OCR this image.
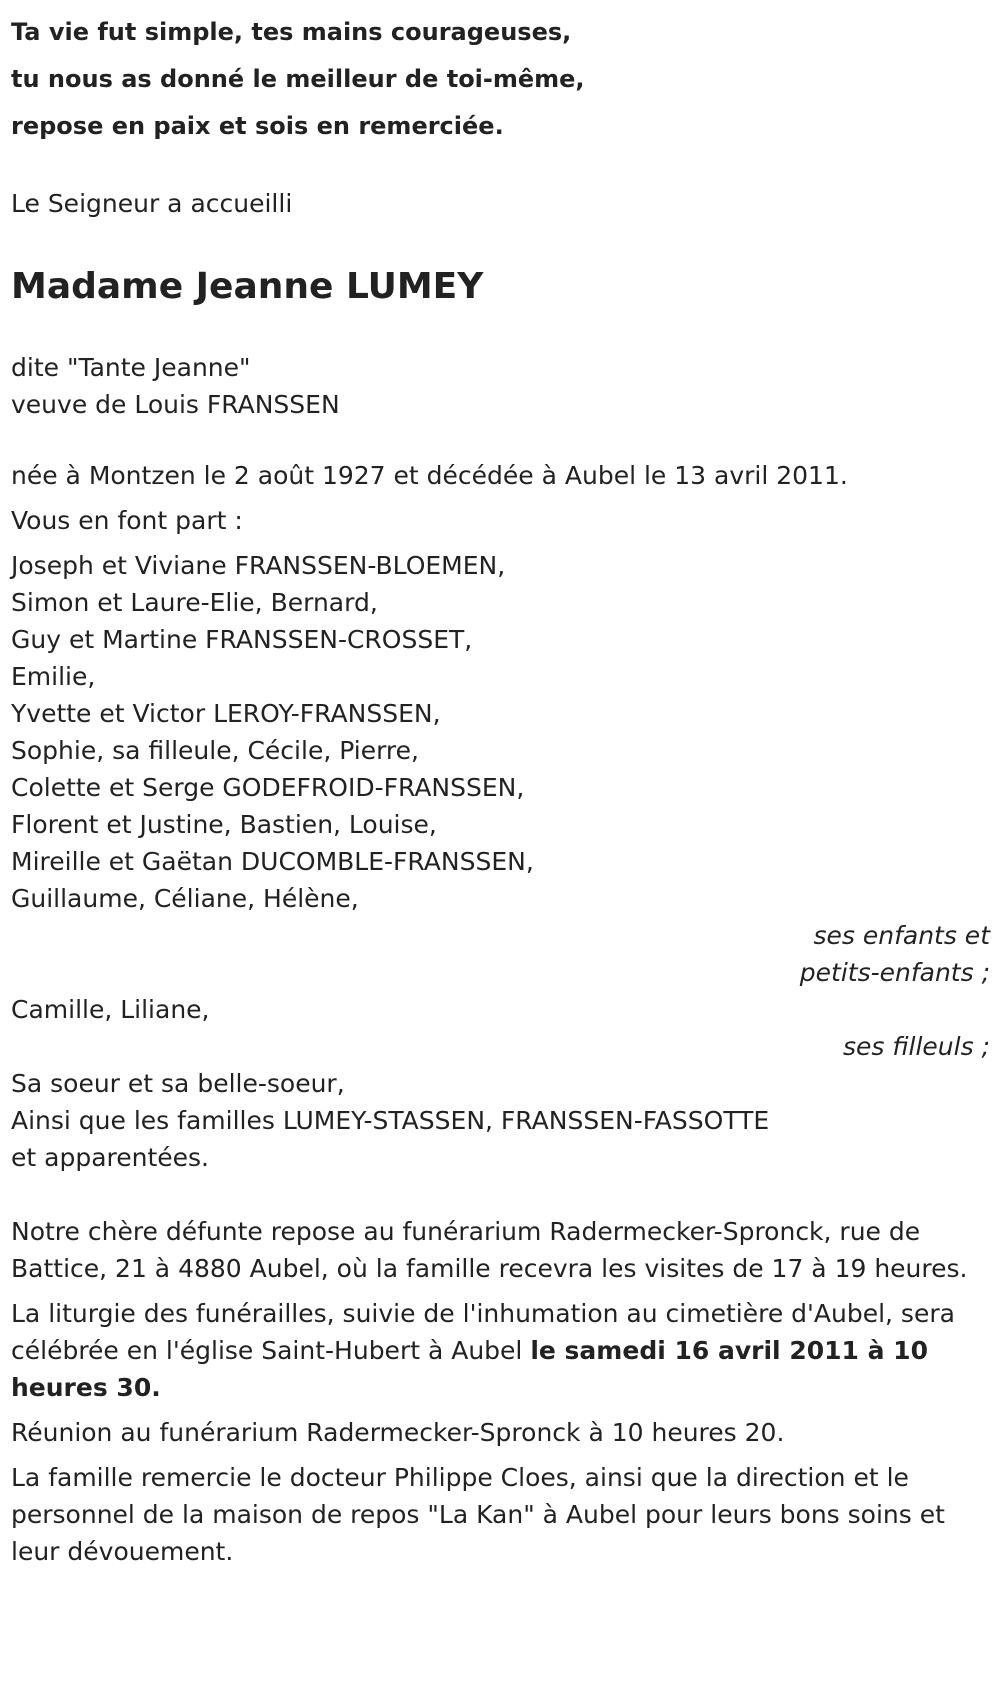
Ta vie fut simple, tes mains courageuses,
tu nous as donné le meilleur de toi-même,
repose en paix et sois en remerciée.
Le Seigneur a accueilli
Madame Jeanne LUMEY
dite "Tante Jeanne"
veuve de Louis FRANSSEN
née à Montzen le 2 août 1927 et décédée à Aubel le 13 avril 2011.
Vous en font part :
Joseph et Viviane FRANSSEN-BLOEMEN,
Simon et Laure-Elie, Bernard,
Guy et Martine FRANSSEN-CROSSET,
Emilie,
Yvette et Victor LEROY-FRANSSEN,
Sophie, sa filleule, Cécile, Pierre,
Colette et Serge GODEFROID-FRANSSEN,
Florent et Justine, Bastien, Louise,
Mireille et Gaëtan DUCOMBLE-FRANSSEN,
Guillaume, Céliane, Hélène,
ses enfants et
petits-enfants ;
Camille, Liliane,
ses filleuls ;
Sa soeur et sa belle-soeur,
Ainsi que les familles LUMEY-STASSEN, FRANSSEN-FASSOTTE
et apparentées.
Notre chère défunte repose au funérarium Radermecker-Spronck, rue de Battice, 21 à 4880 Aubel, où la famille recevra les visites de 17 à 19 heures.
La liturgie des funérailles, suivie de l'inhumation au cimetière d'Aubel, sera célébrée en l'église Saint-Hubert à Aubel le samedi 16 avril 2011 à 10 heures 30.
Réunion au funérarium Radermecker-Spronck à 10 heures 20.
La famille remercie le docteur Philippe Cloes, ainsi que la direction et le personnel de la maison de repos "La Kan" à Aubel pour leurs bons soins et leur dévouement.
